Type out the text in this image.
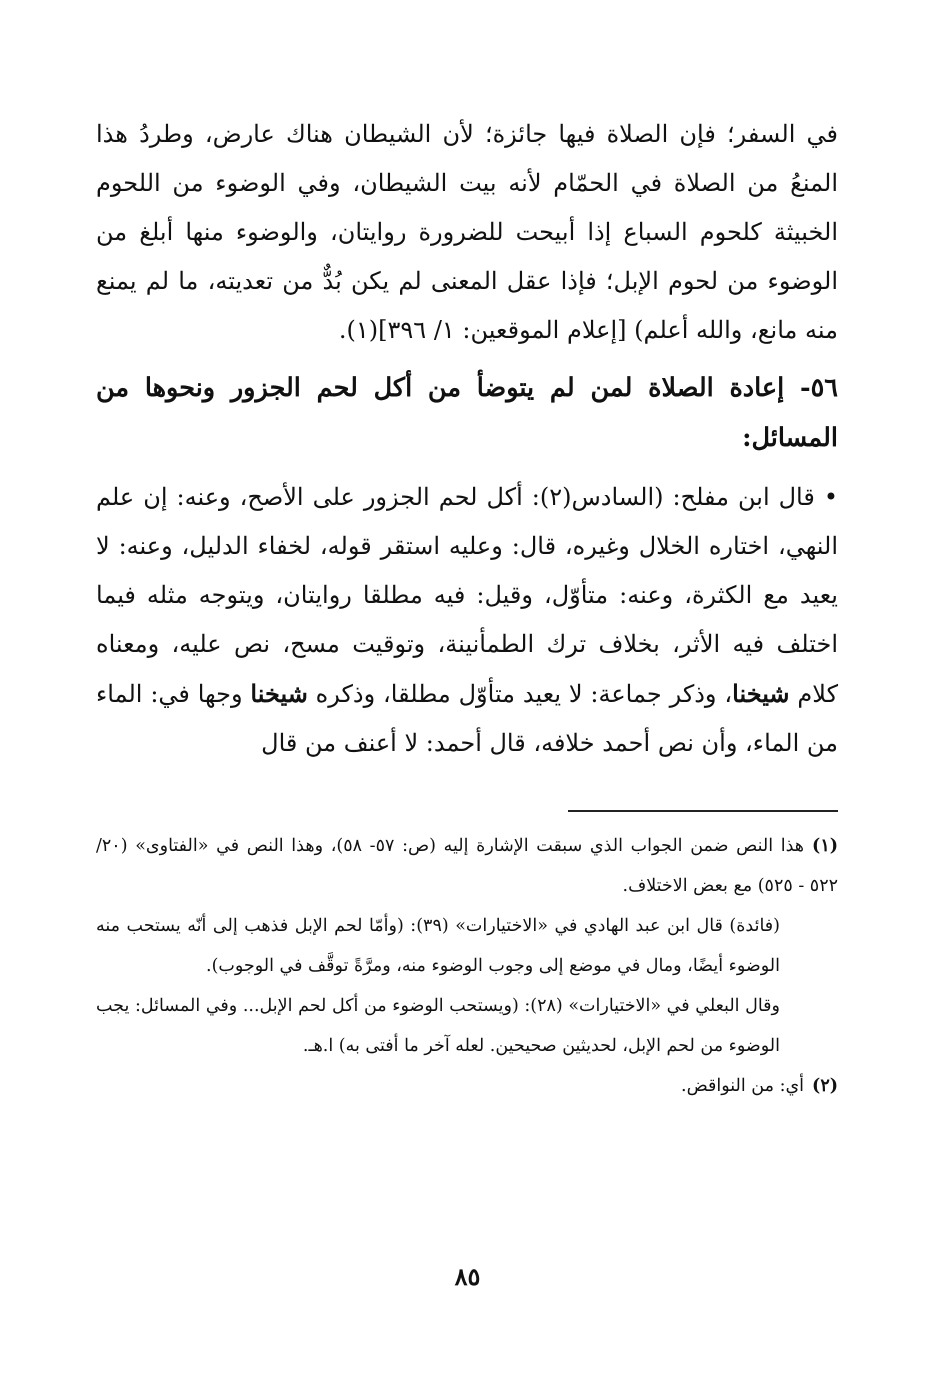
في السفر؛ فإن الصلاة فيها جائزة؛ لأن الشيطان هناك عارض، وطردُ هذا المنعُ من الصلاة في الحمّام لأنه بيت الشيطان، وفي الوضوء من اللحوم الخبيثة كلحوم السباع إذا أبيحت للضرورة روايتان، والوضوء منها أبلغ من الوضوء من لحوم الإبل؛ فإذا عقل المعنى لم يكن بُدٌّ من تعديته، ما لم يمنع منه مانع، والله أعلم) [إعلام الموقعين: ١/ ٣٩٦](١).

٥٦- إعادة الصلاة لمن لم يتوضأ من أكل لحم الجزور ونحوها من المسائل:

• قال ابن مفلح: (السادس(٢): أكل لحم الجزور على الأصح، وعنه: إن علم النهي، اختاره الخلال وغيره، قال: وعليه استقر قوله، لخفاء الدليل، وعنه: لا يعيد مع الكثرة، وعنه: متأوّل، وقيل: فيه مطلقا روايتان، ويتوجه مثله فيما اختلف فيه الأثر، بخلاف ترك الطمأنينة، وتوقيت مسح، نص عليه، ومعناه كلام شيخنا، وذكر جماعة: لا يعيد متأوّل مطلقا، وذكره شيخنا وجها في: الماء من الماء، وأن نص أحمد خلافه، قال أحمد: لا أعنف من قال

(١)هذا النص ضمن الجواب الذي سبقت الإشارة إليه (ص: ٥٧- ٥٨)، وهذا النص في «الفتاوى» (٢٠/ ٥٢٢ - ٥٢٥) مع بعض الاختلاف.

(فائدة) قال ابن عبد الهادي في «الاختيارات» (٣٩): (وأمّا لحم الإبل فذهب إلى أنّه يستحب منه الوضوء أيضًا، ومال في موضع إلى وجوب الوضوء منه، ومرَّةً توقَّف في الوجوب).

وقال البعلي في «الاختيارات» (٢٨): (ويستحب الوضوء من أكل لحم الإبل... وفي المسائل: يجب الوضوء من لحم الإبل، لحديثين صحيحين. لعله آخر ما أفتى به) ا.هـ.

(٢)أي: من النواقض.

٨٥
